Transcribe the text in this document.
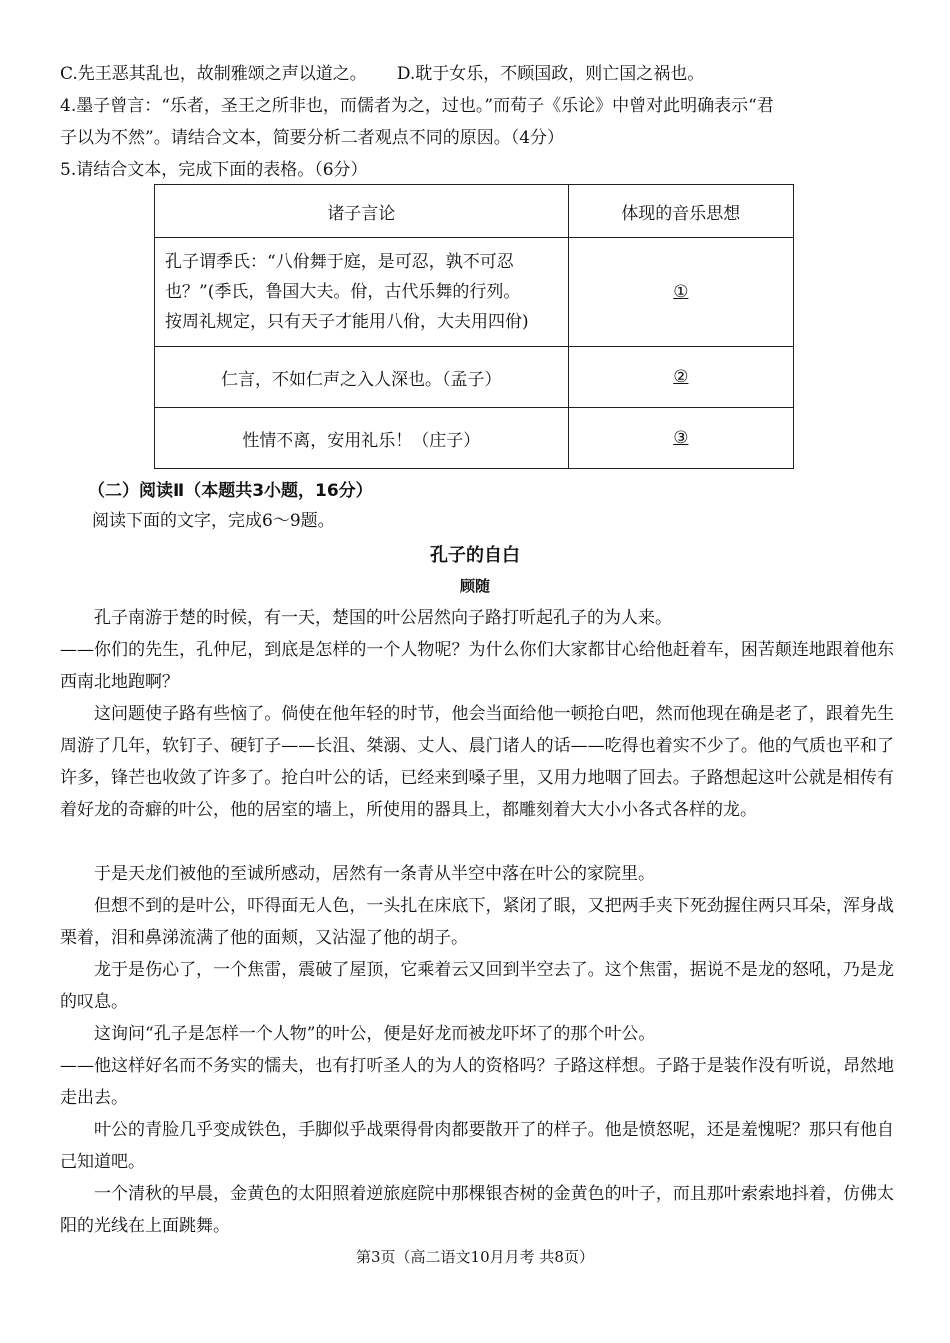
C.先王恶其乱也，故制雅颂之声以道之。 D.耽于女乐，不顾国政，则亡国之祸也。
4.墨子曾言：“乐者，圣王之所非也，而儒者为之，过也。”而荀子《乐论》中曾对此明确表示“君
子以为不然”。请结合文本，简要分析二者观点不同的原因。（4分）
5.请结合文本，完成下面的表格。（6分）
诸子言论	体现的音乐思想

孔子谓季氏：“八佾舞于庭，是可忍，孰不可忍
也？”(季氏，鲁国大夫。佾，古代乐舞的行列。
按周礼规定，只有天子才能用八佾，大夫用四佾)	①
仁言，不如仁声之入人深也。（孟子）	②
性情不离，安用礼乐！（庄子）	③
（二）阅读Ⅱ（本题共3小题，16分）
阅读下面的文字，完成6～9题。
孔子的自白
顾随
孔子南游于楚的时候，有一天，楚国的叶公居然向子路打听起孔子的为人来。
——你们的先生，孔仲尼，到底是怎样的一个人物呢？为什么你们大家都甘心给他赶着车，困苦颠连地跟着他东西南北地跑啊？
这问题使子路有些恼了。倘使在他年轻的时节，他会当面给他一顿抢白吧，然而他现在确是老了，跟着先生周游了几年，软钉子、硬钉子——长沮、桀溺、丈人、晨门诸人的话——吃得也着实不少了。他的气质也平和了许多，锋芒也收敛了许多了。抢白叶公的话，已经来到嗓子里，又用力地咽了回去。子路想起这叶公就是相传有着好龙的奇癖的叶公，他的居室的墙上，所使用的器具上，都雕刻着大大小小各式各样的龙。
于是天龙们被他的至诚所感动，居然有一条青从半空中落在叶公的家院里。
但想不到的是叶公，吓得面无人色，一头扎在床底下，紧闭了眼，又把两手夹下死劲握住两只耳朵，浑身战栗着，泪和鼻涕流满了他的面颊，又沾湿了他的胡子。
龙于是伤心了，一个焦雷，震破了屋顶，它乘着云又回到半空去了。这个焦雷，据说不是龙的怒吼，乃是龙的叹息。
这询问“孔子是怎样一个人物”的叶公，便是好龙而被龙吓坏了的那个叶公。
——他这样好名而不务实的懦夫，也有打听圣人的为人的资格吗？子路这样想。子路于是装作没有听说，昂然地走出去。
叶公的青脸几乎变成铁色，手脚似乎战栗得骨肉都要散开了的样子。他是愤怒呢，还是羞愧呢？那只有他自己知道吧。
一个清秋的早晨，金黄色的太阳照着逆旅庭院中那棵银杏树的金黄色的叶子，而且那叶索索地抖着，仿佛太阳的光线在上面跳舞。
第3页（高二语文10月月考 共8页）
